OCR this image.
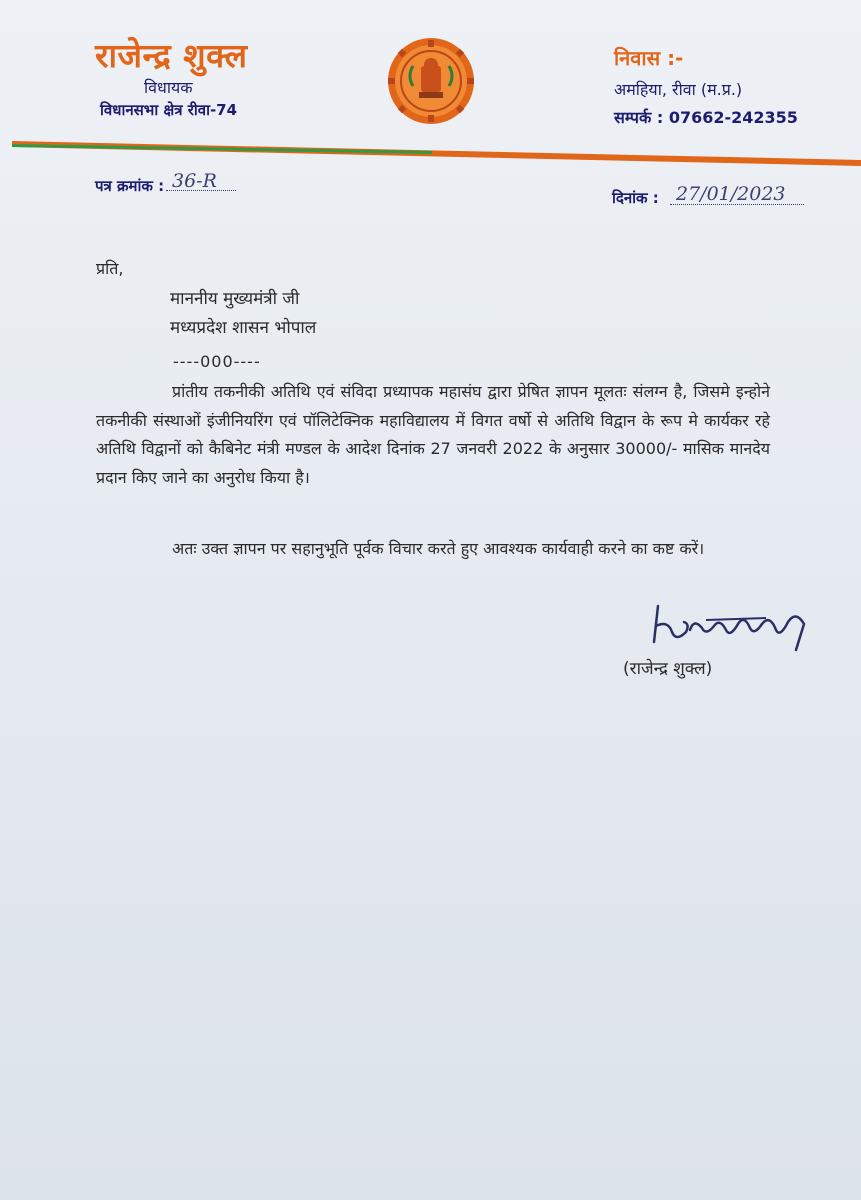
राजेन्द्र शुक्ल
विधायक
विधानसभा क्षेत्र रीवा-74
निवास :-
अमहिया, रीवा (म.प्र.)
सम्पर्क : 07662-242355
पत्र क्रमांक : 36-R
दिनांक : 27/01/2023
प्रति,
माननीय मुख्यमंत्री जी
मध्यप्रदेश शासन भोपाल
----000----

प्रांतीय तकनीकी अतिथि एवं संविदा प्रध्यापक महासंघ द्वारा प्रेषित ज्ञापन मूलतः संलग्न है, जिसमे इन्होने तकनीकी संस्थाओं इंजीनियरिंग एवं पॉलिटेक्निक महाविद्यालय में विगत वर्षो से अतिथि विद्वान के रूप मे कार्यकर रहे अतिथि विद्वानों को कैबिनेट मंत्री मण्डल के आदेश दिनांक 27 जनवरी 2022 के अनुसार 30000/- मासिक मानदेय प्रदान किए जाने का अनुरोध किया है।

अतः उक्त ज्ञापन पर सहानुभूति पूर्वक विचार करते हुए आवश्यक कार्यवाही करने का कष्ट करें।

(राजेन्द्र शुक्ल)
